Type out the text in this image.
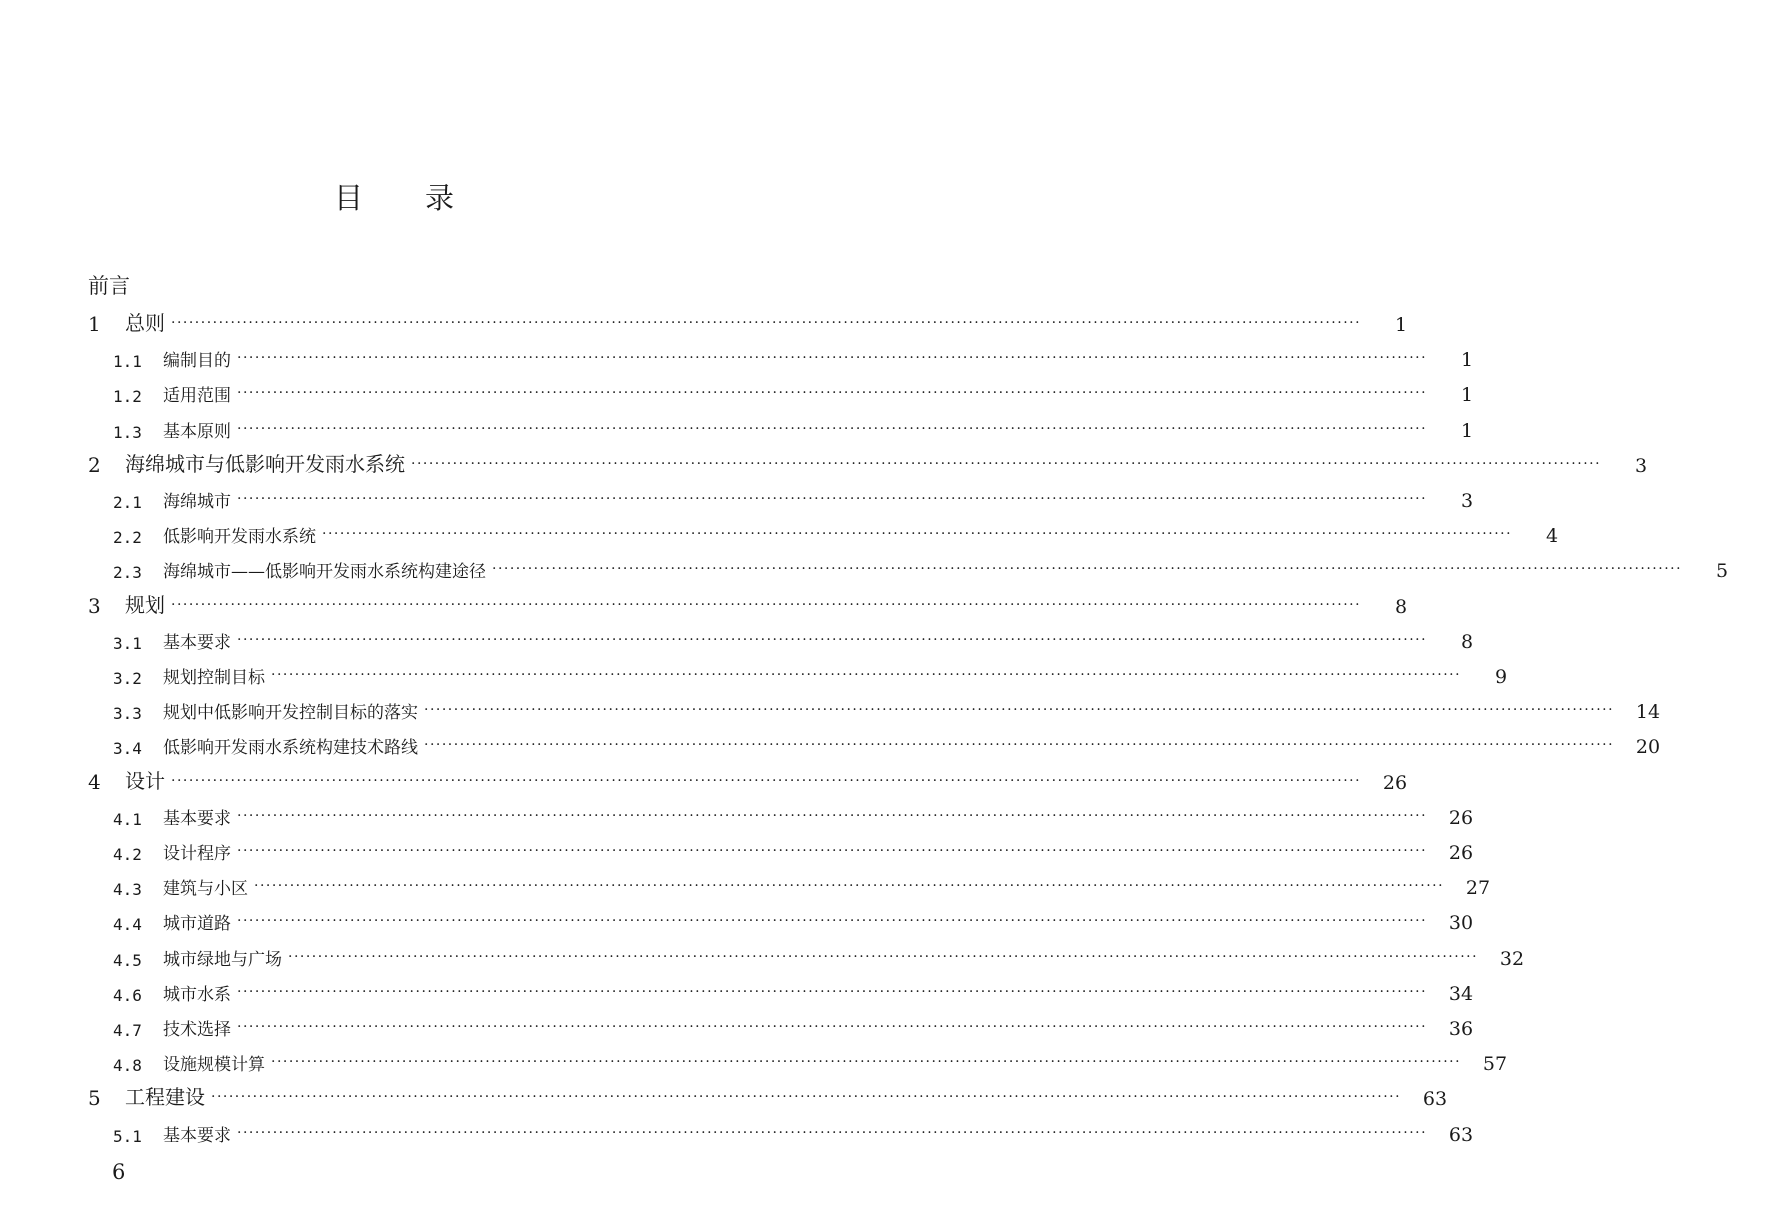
目 录
前言
1	总则 ········································································································································································································	1
1.1	编制目的 ········································································································································································································	1
1.2	适用范围 ········································································································································································································	1
1.3	基本原则 ········································································································································································································	1
2	海绵城市与低影响开发雨水系统 ········································································································································································································	3
2.1	海绵城市 ········································································································································································································	3
2.2	低影响开发雨水系统 ········································································································································································································	4
2.3	海绵城市——低影响开发雨水系统构建途径 ········································································································································································································	5
3	规划 ········································································································································································································	8
3.1	基本要求 ········································································································································································································	8
3.2	规划控制目标 ········································································································································································································	9
3.3	规划中低影响开发控制目标的落实 ········································································································································································································	14
3.4	低影响开发雨水系统构建技术路线 ········································································································································································································	20
4	设计 ········································································································································································································	26
4.1	基本要求 ········································································································································································································	26
4.2	设计程序 ········································································································································································································	26
4.3	建筑与小区 ········································································································································································································	27
4.4	城市道路 ········································································································································································································	30
4.5	城市绿地与广场 ········································································································································································································	32
4.6	城市水系 ········································································································································································································	34
4.7	技术选择 ········································································································································································································	36
4.8	设施规模计算 ········································································································································································································	57
5	工程建设 ········································································································································································································	63
5.1	基本要求 ········································································································································································································	63
6
